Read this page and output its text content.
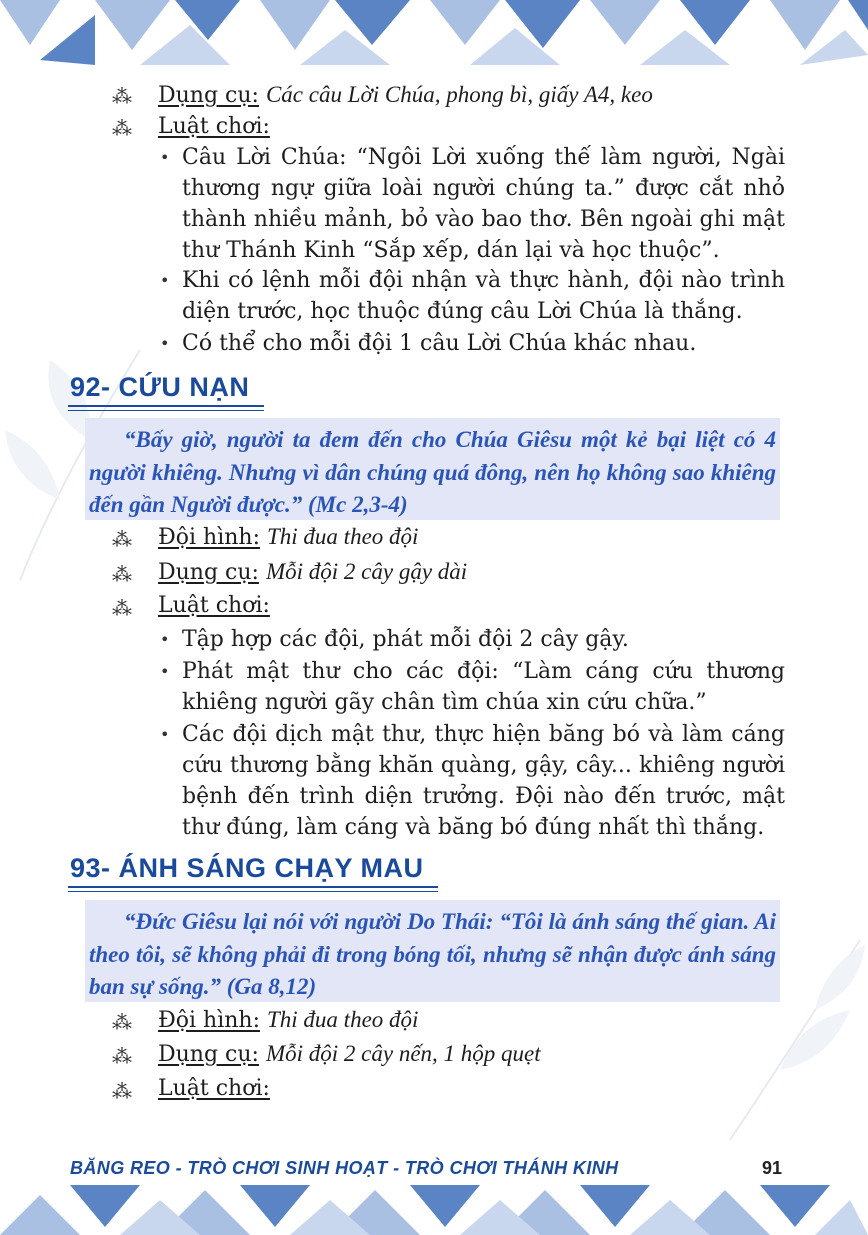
⁂ Dụng cụ: Các câu Lời Chúa, phong bì, giấy A4, keo
⁂ Luật chơi:
• Câu Lời Chúa: “Ngôi Lời xuống thế làm người, Ngài thương ngự giữa loài người chúng ta.” được cắt nhỏ thành nhiều mảnh, bỏ vào bao thơ. Bên ngoài ghi mật thư Thánh Kinh “Sắp xếp, dán lại và học thuộc”.
• Khi có lệnh mỗi đội nhận và thực hành, đội nào trình diện trước, học thuộc đúng câu Lời Chúa là thắng.
• Có thể cho mỗi đội 1 câu Lời Chúa khác nhau.
92- CỨU NẠN

“Bấy giờ, người ta đem đến cho Chúa Giêsu một kẻ bại liệt có 4 người khiêng. Nhưng vì dân chúng quá đông, nên họ không sao khiêng đến gần Người được.” (Mc 2,3-4)

⁂ Đội hình: Thi đua theo đội
⁂ Dụng cụ: Mỗi đội 2 cây gậy dài
⁂ Luật chơi:
• Tập hợp các đội, phát mỗi đội 2 cây gậy.
• Phát mật thư cho các đội: “Làm cáng cứu thương khiêng người gãy chân tìm chúa xin cứu chữa.”
• Các đội dịch mật thư, thực hiện băng bó và làm cáng cứu thương bằng khăn quàng, gậy, cây... khiêng người bệnh đến trình diện trưởng. Đội nào đến trước, mật thư đúng, làm cáng và băng bó đúng nhất thì thắng.
93- ÁNH SÁNG CHẠY MAU

“Đức Giêsu lại nói với người Do Thái: “Tôi là ánh sáng thế gian. Ai theo tôi, sẽ không phải đi trong bóng tối, nhưng sẽ nhận được ánh sáng ban sự sống.” (Ga 8,12)

⁂ Đội hình: Thi đua theo đội
⁂ Dụng cụ: Mỗi đội 2 cây nến, 1 hộp quẹt
⁂ Luật chơi:
BĂNG REO - TRÒ CHƠI SINH HOẠT - TRÒ CHƠI THÁNH KINH	91
